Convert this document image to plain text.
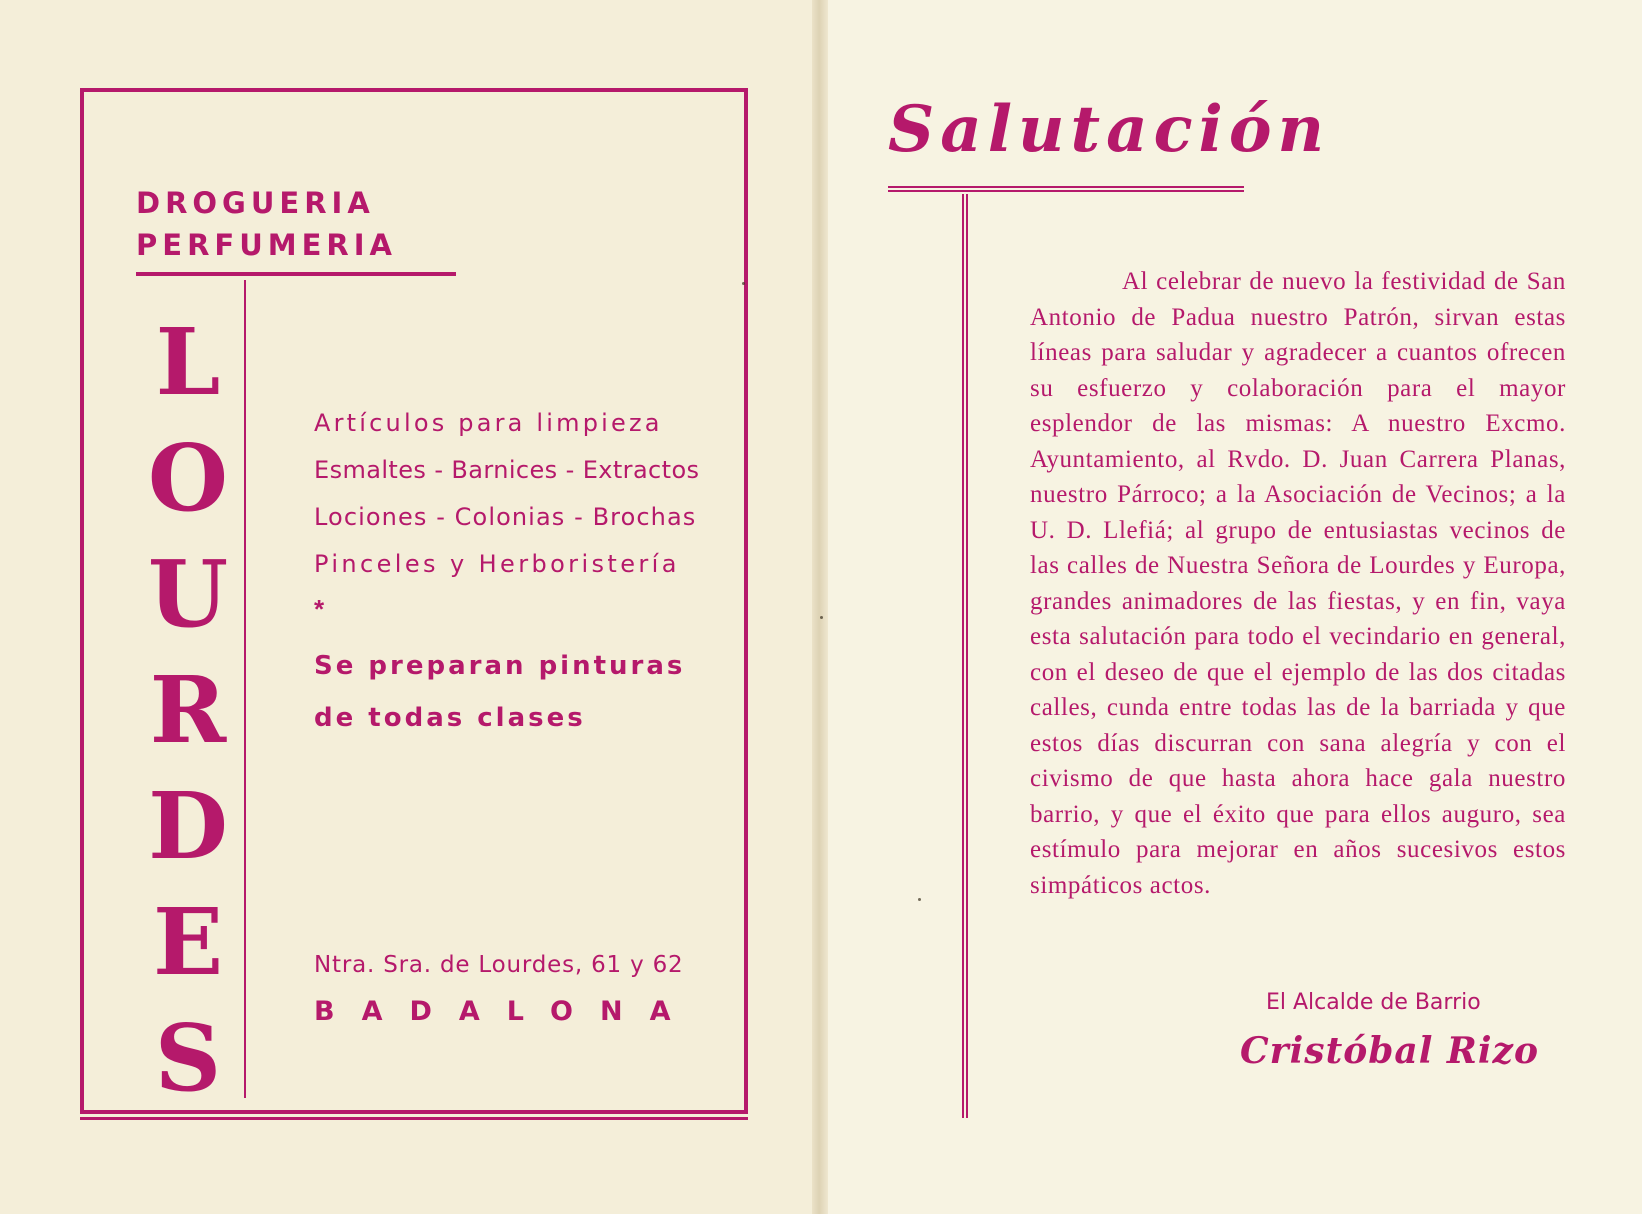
DROGUERIA
PERFUMERIA
L
O
U
R
D
E
S
Artículos para limpieza
Esmaltes - Barnices - Extractos
Lociones - Colonias - Brochas
Pinceles y Herboristería
*
Se preparan pinturas
de todas clases
Ntra. Sra. de Lourdes, 61 y 62
BADALONA
Salutación

Al celebrar de nuevo la festividad de San Antonio de Padua nuestro Patrón, sirvan estas líneas para saludar y agradecer a cuantos ofrecen su esfuerzo y colaboración para el mayor esplendor de las mismas: A nuestro Excmo. Ayuntamiento, al Rvdo. D. Juan Carrera Planas, nuestro Párroco; a la Asociación de Vecinos; a la U. D. Llefiá; al grupo de entusiastas vecinos de las calles de Nuestra Señora de Lourdes y Europa, grandes animadores de las fiestas, y en fin, vaya esta salutación para todo el vecindario en general, con el deseo de que el ejemplo de las dos citadas calles, cunda entre todas las de la barriada y que estos días discurran con sana alegría y con el civismo de que hasta ahora hace gala nuestro barrio, y que el éxito que para ellos auguro, sea estímulo para mejorar en años sucesivos estos simpáticos actos.

El Alcalde de Barrio
Cristóbal Rizo
